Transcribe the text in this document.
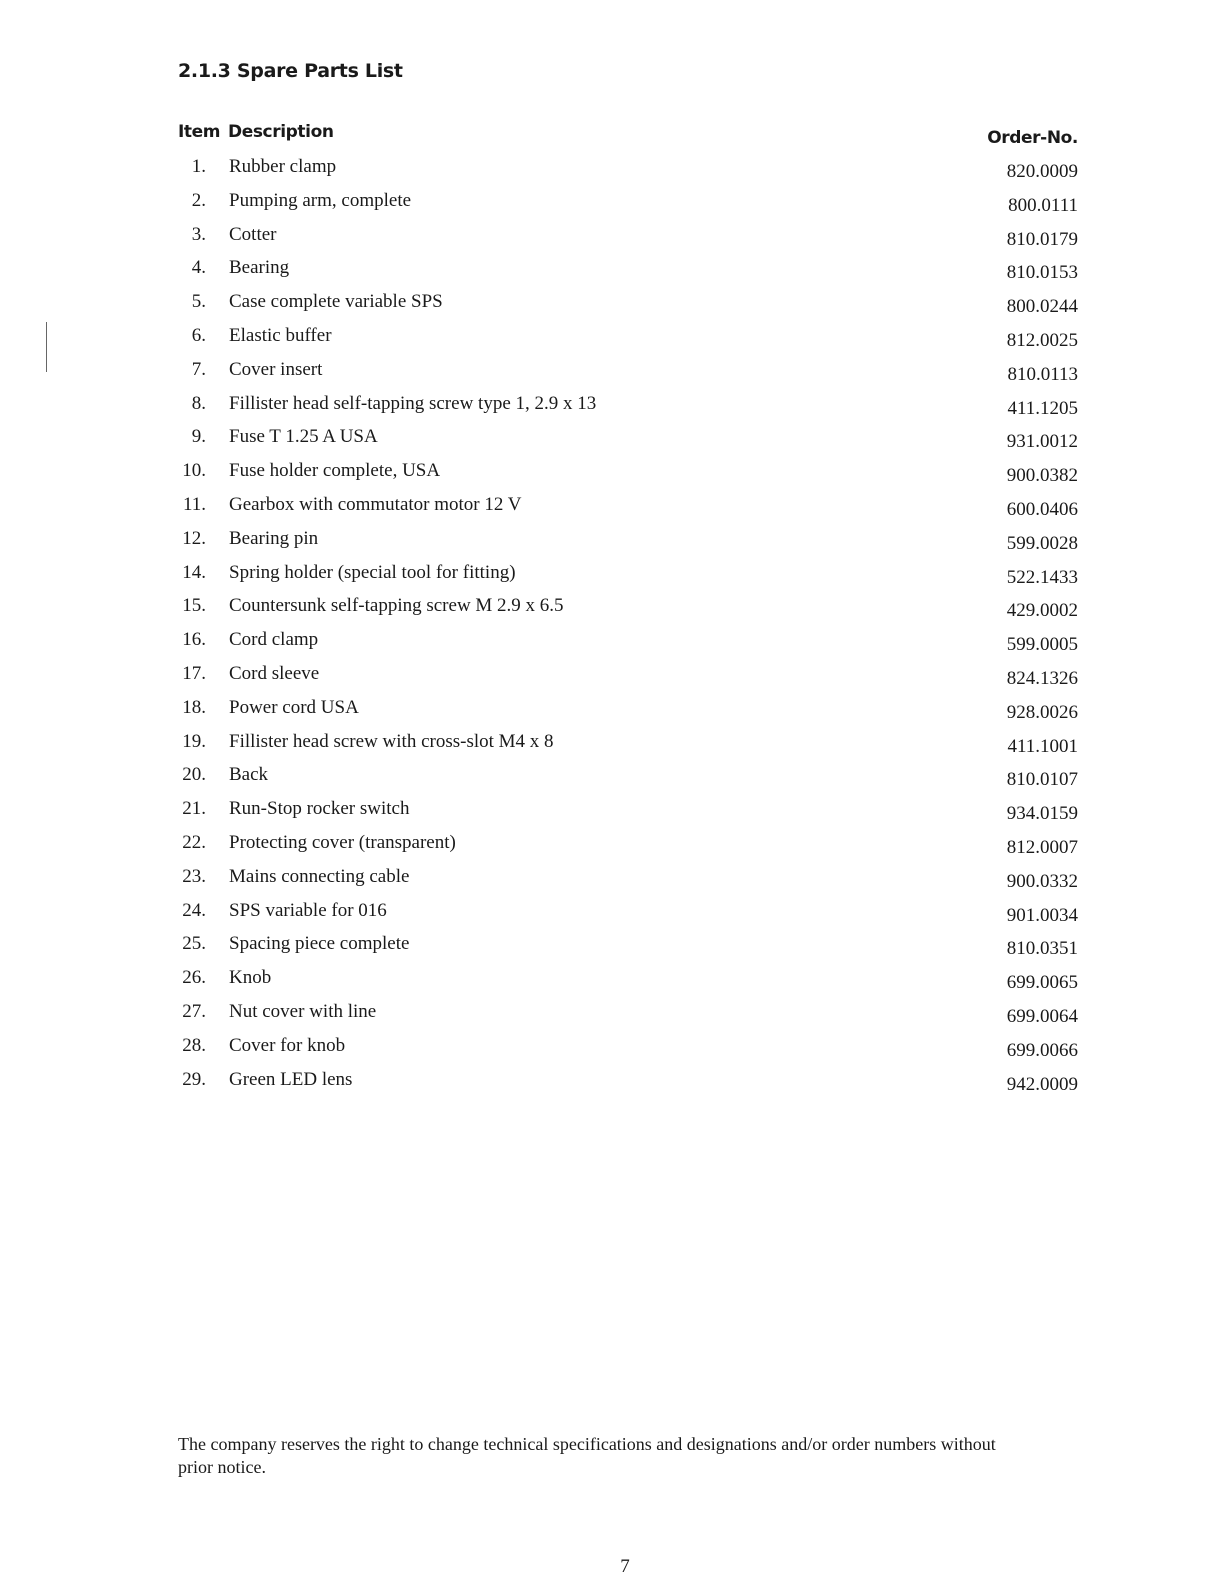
2.1.3 Spare Parts List
Item Description	Order-No.
1. Rubber clamp	820.0009
2. Pumping arm, complete	800.0111
3. Cotter	810.0179
4. Bearing	810.0153
5. Case complete variable SPS	800.0244
6. Elastic buffer	812.0025
7. Cover insert	810.0113
8. Fillister head self-tapping screw type 1, 2.9 x 13	411.1205
9. Fuse T 1.25 A USA	931.0012
10. Fuse holder complete, USA	900.0382
11. Gearbox with commutator motor 12 V	600.0406
12. Bearing pin	599.0028
14. Spring holder (special tool for fitting)	522.1433
15. Countersunk self-tapping screw M 2.9 x 6.5	429.0002
16. Cord clamp	599.0005
17. Cord sleeve	824.1326
18. Power cord USA	928.0026
19. Fillister head screw with cross-slot M4 x 8	411.1001
20. Back	810.0107
21. Run-Stop rocker switch	934.0159
22. Protecting cover (transparent)	812.0007
23. Mains connecting cable	900.0332
24. SPS variable for 016	901.0034
25. Spacing piece complete	810.0351
26. Knob	699.0065
27. Nut cover with line	699.0064
28. Cover for knob	699.0066
29. Green LED lens	942.0009

The company reserves the right to change technical specifications and designations and/or order numbers without prior notice.

7
